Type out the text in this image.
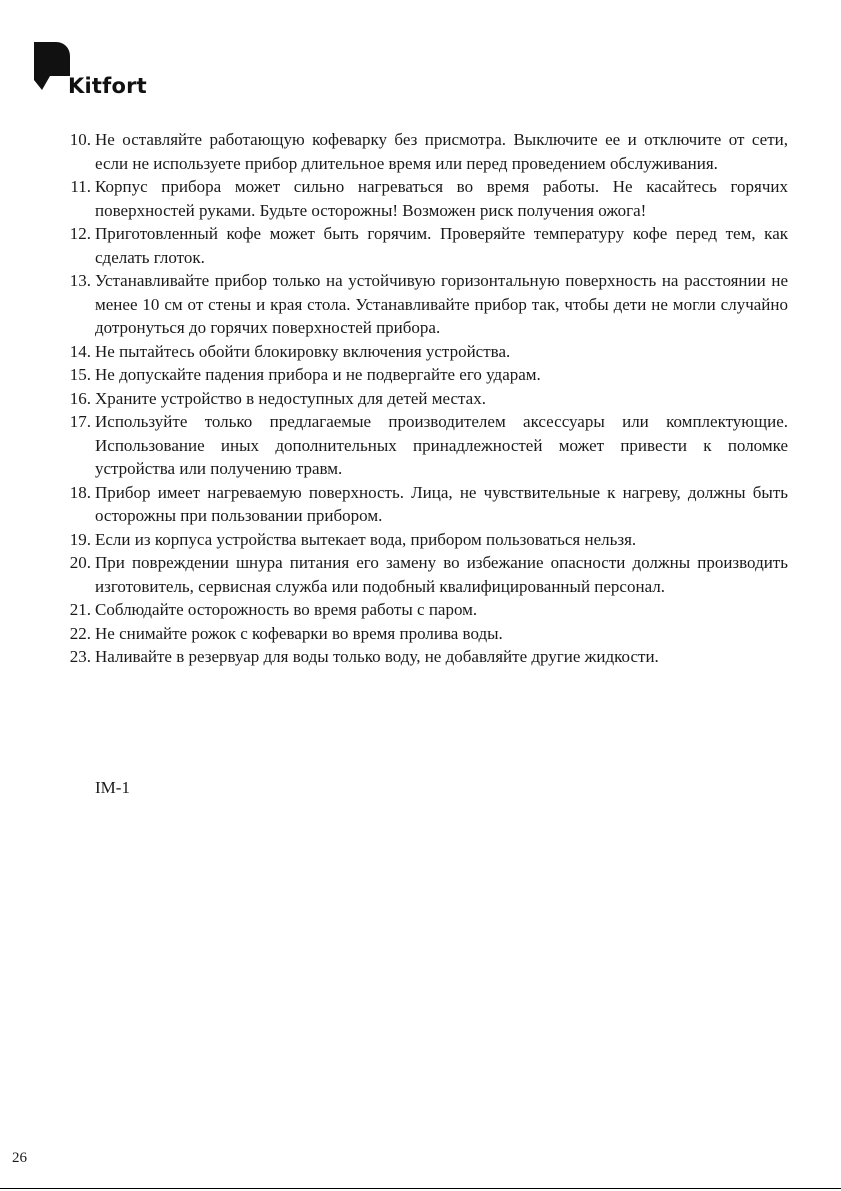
Kitfort
10. Не оставляйте работающую кофеварку без присмотра. Выключите ее и отключите от сети, если не используете прибор длительное время или перед проведением обслуживания.
11. Корпус прибора может сильно нагреваться во время работы. Не касайтесь горячих поверхностей руками. Будьте осторожны! Возможен риск получения ожога!
12. Приготовленный кофе может быть горячим. Проверяйте температуру кофе перед тем, как сделать глоток.
13. Устанавливайте прибор только на устойчивую горизонтальную поверхность на расстоянии не менее 10 см от стены и края стола. Устанавливайте прибор так, чтобы дети не могли случайно дотронуться до горячих поверхностей прибора.
14. Не пытайтесь обойти блокировку включения устройства.
15. Не допускайте падения прибора и не подвергайте его ударам.
16. Храните устройство в недоступных для детей местах.
17. Используйте только предлагаемые производителем аксессуары или комплектующие. Использование иных дополнительных принадлежностей может привести к поломке устройства или получению травм.
18. Прибор имеет нагреваемую поверхность. Лица, не чувствительные к нагреву, должны быть осторожны при пользовании прибором.
19. Если из корпуса устройства вытекает вода, прибором пользоваться нельзя.
20. При повреждении шнура питания его замену во избежание опасности должны производить изготовитель, сервисная служба или подобный квалифицированный персонал.
21. Соблюдайте осторожность во время работы с паром.
22. Не снимайте рожок с кофеварки во время пролива воды.
23. Наливайте в резервуар для воды только воду, не добавляйте другие жидкости.
IM-1
26
